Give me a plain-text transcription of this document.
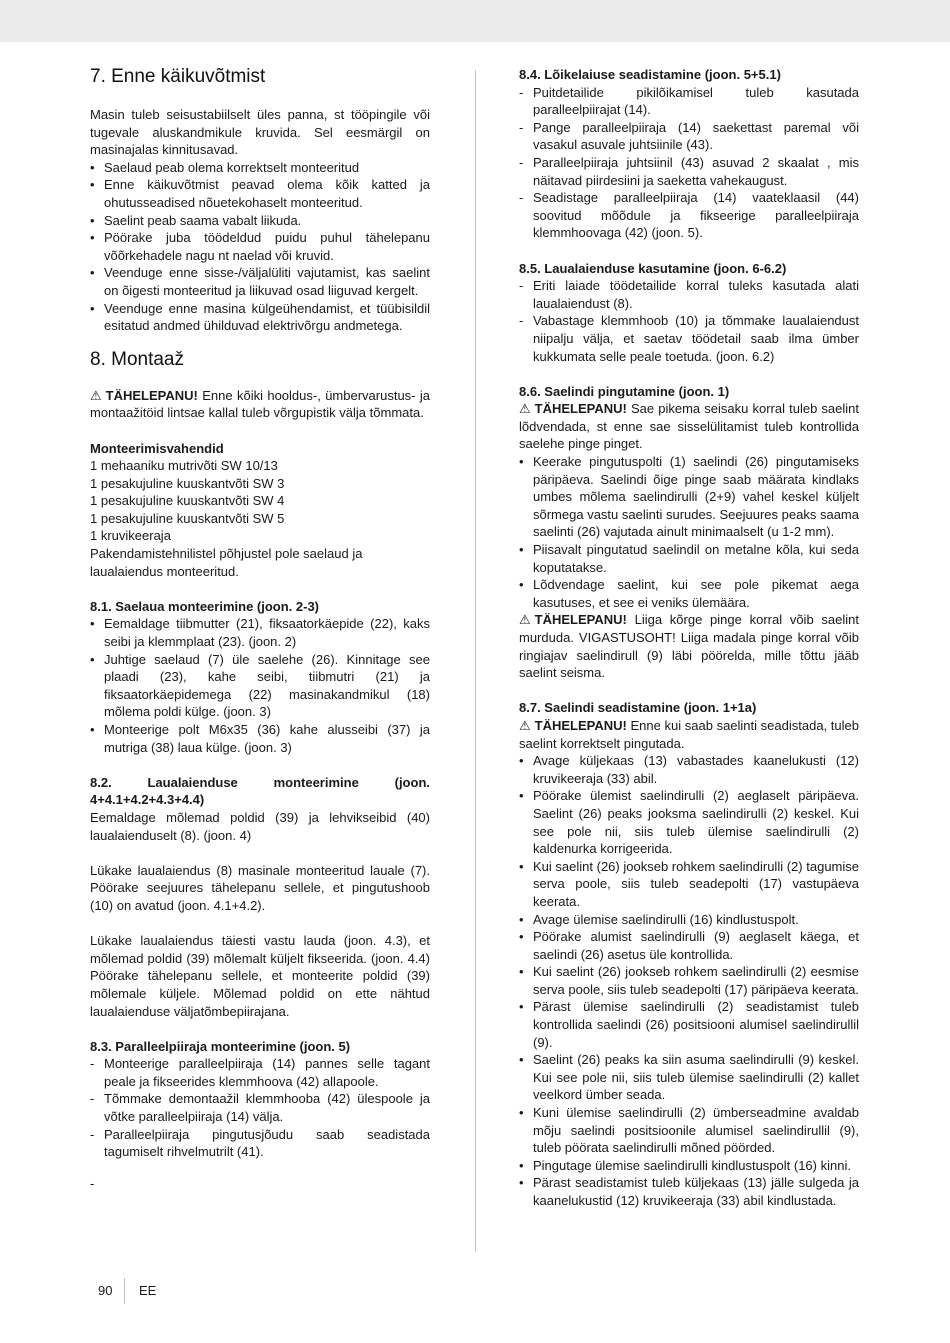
7. Enne käikuvõtmist

Masin tuleb seisustabiilselt üles panna, st tööpingile või tugevale aluskandmikule kruvida. Sel eesmärgil on masinajalas kinnitusavad.

• Saelaud peab olema korrektselt monteeritud
• Enne käikuvõtmist peavad olema kõik katted ja ohutusseadised nõuetekohaselt monteeritud.
• Saelint peab saama vabalt liikuda.
• Pöörake juba töödeldud puidu puhul tähelepanu võõrkehadele nagu nt naelad või kruvid.
• Veenduge enne sisse-/väljalüliti vajutamist, kas saelint on õigesti monteeritud ja liikuvad osad liiguvad kergelt.
• Veenduge enne masina külgeühendamist, et tüübisildil esitatud andmed ühilduvad elektrivõrgu andmetega.
8. Montaaž

⚠ TÄHELEPANU! Enne kõiki hooldus-, ümbervarustus- ja montaažitöid lintsae kallal tuleb võrgupistik välja tõmmata.

Monteerimisvahendid

1 mehaaniku mutrivõti SW 10/13

1 pesakujuline kuuskantvõti SW 3

1 pesakujuline kuuskantvõti SW 4

1 pesakujuline kuuskantvõti SW 5

1 kruvikeeraja

Pakendamistehnilistel põhjustel pole saelaud ja laualaiendus monteeritud.

8.1. Saelaua monteerimine (joon. 2-3)
• Eemaldage tiibmutter (21), fiksaatorkäepide (22), kaks seibi ja klemmplaat (23). (joon. 2)
• Juhtige saelaud (7) üle saelehe (26). Kinnitage see plaadi (23), kahe seibi, tiibmutri (21) ja fiksaatorkäepidemega (22) masinakandmikul (18) mõlema poldi külge. (joon. 3)
• Monteerige polt M6x35 (36) kahe alusseibi (37) ja mutriga (38) laua külge. (joon. 3)
8.2. Laualaienduse monteerimine (joon. 4+4.1+4.2+4.3+4.4)

Eemaldage mõlemad poldid (39) ja lehvikseibid (40) laualaienduselt (8). (joon. 4)

Lükake laualaiendus (8) masinale monteeritud lauale (7). Pöörake seejuures tähelepanu sellele, et pingutushoob (10) on avatud (joon. 4.1+4.2).

Lükake laualaiendus täiesti vastu lauda (joon. 4.3), et mõlemad poldid (39) mõlemalt küljelt fikseerida. (joon. 4.4) Pöörake tähelepanu sellele, et monteerite poldid (39) mõlemale küljele. Mõlemad poldid on ette nähtud laualaienduse väljatõmbepiirajana.

8.3. Paralleelpiiraja monteerimine (joon. 5)
- Monteerige paralleelpiiraja (14) pannes selle tagant peale ja fikseerides klemmhoova (42) allapoole.
- Tõmmake demontaažil klemmhooba (42) ülespoole ja võtke paralleelpiiraja (14) välja.
- Paralleelpiiraja pingutusjõudu saab seadistada tagumiselt rihvelmutrilt (41).

-

8.4. Lõikelaiuse seadistamine (joon. 5+5.1)
- Puitdetailide pikilõikamisel tuleb kasutada paralleelpiirajat (14).
- Pange paralleelpiiraja (14) saekettast paremal või vasakul asuvale juhtsiinile (43).
- Paralleelpiiraja juhtsiinil (43) asuvad 2 skaalat , mis näitavad piirdesiini ja saeketta vahekaugust.
- Seadistage paralleelpiiraja (14) vaateklaasil (44) soovitud mõõdule ja fikseerige paralleelpiiraja klemmhoovaga (42) (joon. 5).
8.5. Laualaienduse kasutamine (joon. 6-6.2)
- Eriti laiade töödetailide korral tuleks kasutada alati laualaiendust (8).
- Vabastage klemmhoob (10) ja tõmmake laualaiendust niipalju välja, et saetav töödetail saab ilma ümber kukkumata selle peale toetuda. (joon. 6.2)
8.6. Saelindi pingutamine (joon. 1)

⚠ TÄHELEPANU! Sae pikema seisaku korral tuleb saelint lõdvendada, st enne sae sisselülitamist tuleb kontrollida saelehe pinge pinget.

• Keerake pingutuspolti (1) saelindi (26) pingutamiseks päripäeva. Saelindi õige pinge saab määrata kindlaks umbes mõlema saelindirulli (2+9) vahel keskel küljelt sõrmega vastu saelinti surudes. Seejuures peaks saama saelinti (26) vajutada ainult minimaalselt (u 1-2 mm).
• Piisavalt pingutatud saelindil on metalne kõla, kui seda koputatakse.
• Lõdvendage saelint, kui see pole pikemat aega kasutuses, et see ei veniks ülemäära.

⚠ TÄHELEPANU! Liiga kõrge pinge korral võib saelint murduda. VIGASTUSOHT! Liiga madala pinge korral võib ringiajav saelindirull (9) läbi pöörelda, mille tõttu jääb saelint seisma.

8.7. Saelindi seadistamine (joon. 1+1a)

⚠ TÄHELEPANU! Enne kui saab saelinti seadistada, tuleb saelint korrektselt pingutada.

• Avage küljekaas (13) vabastades kaanelukusti (12) kruvikeeraja (33) abil.
• Pöörake ülemist saelindirulli (2) aeglaselt päripäeva. Saelint (26) peaks jooksma saelindirulli (2) keskel. Kui see pole nii, siis tuleb ülemise saelindirulli (2) kaldenurka korrigeerida.
• Kui saelint (26) jookseb rohkem saelindirulli (2) tagumise serva poole, siis tuleb seadepolti (17) vastupäeva keerata.
• Avage ülemise saelindirulli (16) kindlustuspolt.
• Pöörake alumist saelindirulli (9) aeglaselt käega, et saelindi (26) asetus üle kontrollida.
• Kui saelint (26) jookseb rohkem saelindirulli (2) eesmise serva poole, siis tuleb seadepolti (17) päripäeva keerata.
• Pärast ülemise saelindirulli (2) seadistamist tuleb kontrollida saelindi (26) positsiooni alumisel saelindirullil (9).
• Saelint (26) peaks ka siin asuma saelindirulli (9) keskel. Kui see pole nii, siis tuleb ülemise saelindirulli (2) kallet veelkord ümber seada.
• Kuni ülemise saelindirulli (2) ümberseadmine avaldab mõju saelindi positsioonile alumisel saelindirullil (9), tuleb pöörata saelindirulli mõned pöörded.
• Pingutage ülemise saelindirulli kindlustuspolt (16) kinni.
• Pärast seadistamist tuleb küljekaas (13) jälle sulgeda ja kaanelukustid (12) kruvikeeraja (33) abil kindlustada.
90 EE
